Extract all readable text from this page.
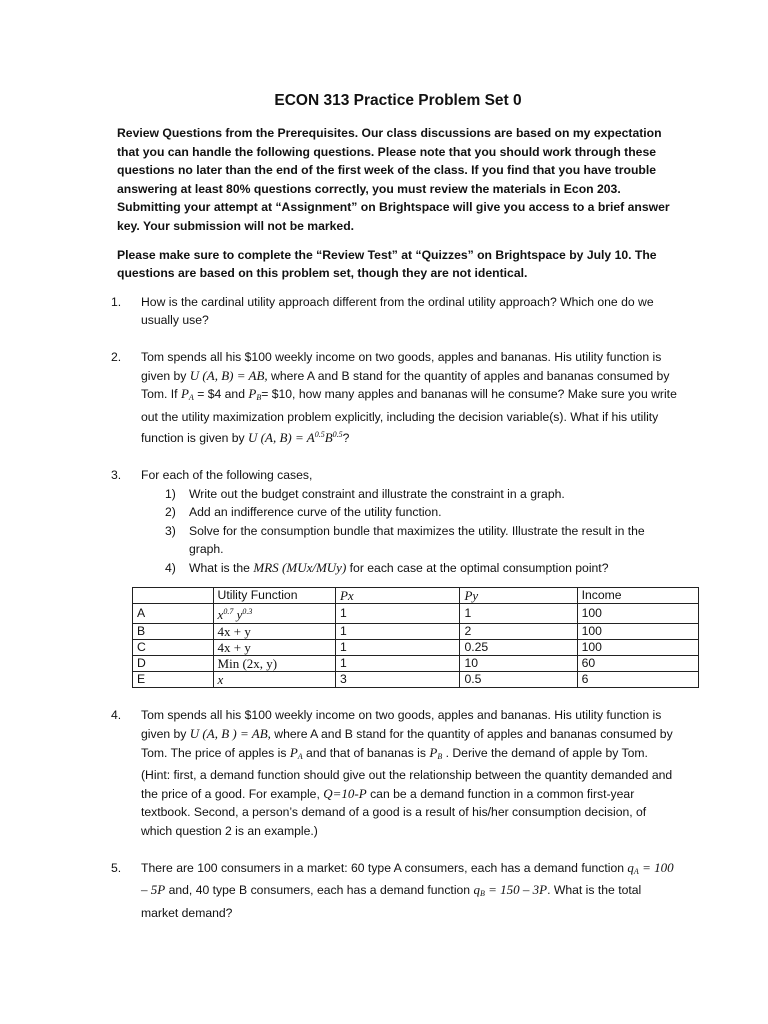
ECON 313 Practice Problem Set 0

Review Questions from the Prerequisites. Our class discussions are based on my expectation that you can handle the following questions. Please note that you should work through these questions no later than the end of the first week of the class. If you find that you have trouble answering at least 80% questions correctly, you must review the materials in Econ 203. Submitting your attempt at “Assignment” on Brightspace will give you access to a brief answer key. Your submission will not be marked.

Please make sure to complete the “Review Test” at “Quizzes” on Brightspace by July 10. The questions are based on this problem set, though they are not identical.

1. How is the cardinal utility approach different from the ordinal utility approach? Which one do we usually use?
2. Tom spends all his $100 weekly income on two goods, apples and bananas. His utility function is given by U (A, B) = AB, where A and B stand for the quantity of apples and bananas consumed by Tom. If $P_A$ = $4 and $P_B=$ $10, how many apples and bananas will he consume? Make sure you write out the utility maximization problem explicitly, including the decision variable(s). What if his utility function is given by U (A, $B) = A^{0.5}B^{0.5}$?
3. For each of the following cases,
1) Write out the budget constraint and illustrate the constraint in a graph.
2) Add an indifference curve of the utility function.
3) Solve for the consumption bundle that maximizes the utility. Illustrate the result in the graph.
4) What is the MRS (MUx/MUy) for each case at the optimal consumption point?
	Utility Function	Px	Py	Income
A	$x^{0.7}$ $y^{0.3}$	1	1	100
B	4x + y	1	2	100
C	4x + y	1	0.25	100
D	Min (2x, y)	1	10	60
E	x	3	0.5	6
4. Tom spends all his $100 weekly income on two goods, apples and bananas. His utility function is given by U (A, B ) = AB, where A and B stand for the quantity of apples and bananas consumed by Tom. The price of apples is $P_A$ and that of bananas is $P_B$ . Derive the demand of apple by Tom. (Hint: first, a demand function should give out the relationship between the quantity demanded and the price of a good. For example, Q=10-P can be a demand function in a common first-year textbook. Second, a person’s demand of a good is a result of his/her consumption decision, of which question 2 is an example.)
5. There are 100 consumers in a market: 60 type A consumers, each has a demand function $q_A = 100 - 5P$ and, 40 type B consumers, each has a demand function $q_B = 150 - 3P$. What is the total market demand?
